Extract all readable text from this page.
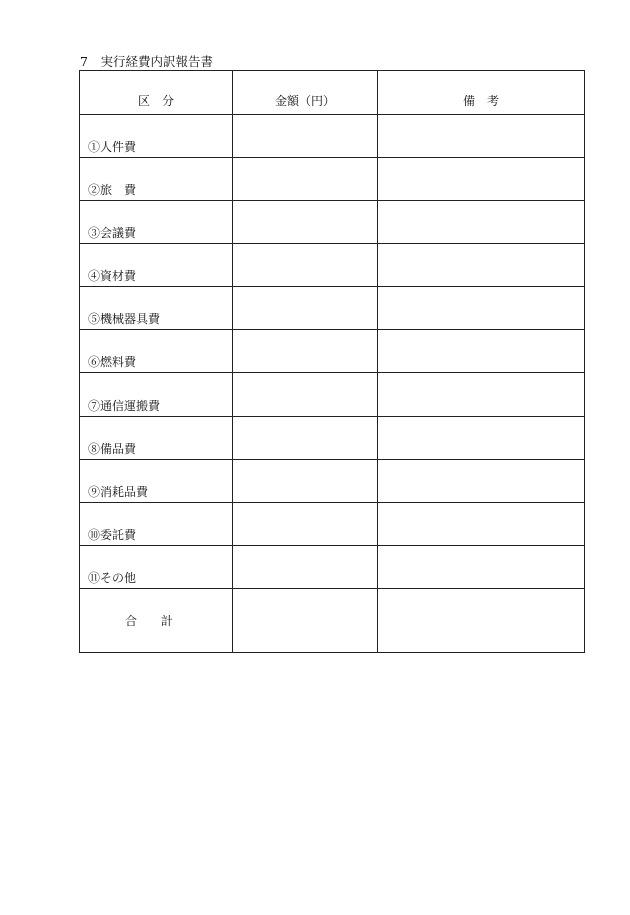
7　実行経費内訳報告書
区　分	金額（円）	備　考
①人件費		
②旅　費		
③会議費		
④資材費		
⑤機械器具費		
⑥燃料費		
⑦通信運搬費		
⑧備品費		
⑨消耗品費		
⑩委託費		
⑪その他		
合　　計		
